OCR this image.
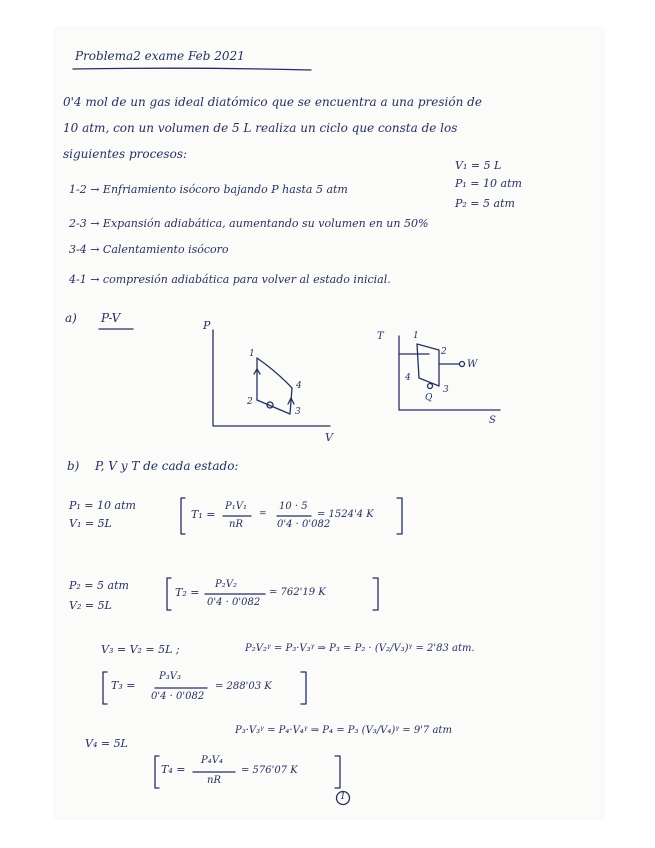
Problema2 exame Feb 2021
0'4 mol de un gas ideal diatómico que se encuentra a una presión de
10 atm, con un volumen de 5 L realiza un ciclo que consta de los
siguientes procesos:
V₁ = 5 L
P₁ = 10 atm
P₂ = 5 atm
1-2 → Enfriamiento isócoro bajando P hasta 5 atm
2-3 → Expansión adiabática, aumentando su volumen en un 50%
3-4 → Calentamiento isócoro
4-1 → compresión adiabática para volver al estado inicial.
a) P-V
P
V
1
2
3
4
T
S
1
2
3
4
W
Q
b) P, V y T de cada estado:
P₁ = 10 atm
V₁ = 5L
T₁ =
P₁V₁
nR
=
10 · 5
0'4 · 0'082
= 1524'4 K
P₂ = 5 atm
V₂ = 5L
T₂ =
P₂V₂
0'4 · 0'082
= 762'19 K
V₃ = V₂ = 5L ;	P₂V₂ᵞ = P₃·V₃ᵞ ⇒ P₃ = P₂ · (V₂/V₃)ᵞ = 2'83 atm.
T₃ =
P₃V₃
0'4 · 0'082
= 288'03 K
V₄ = 5L
P₃·V₃ᵞ = P₄·V₄ᵞ ⇒ P₄ = P₃ (V₃/V₄)ᵞ = 9'7 atm
T₄ =
P₄V₄
nR
= 576'07 K
1
